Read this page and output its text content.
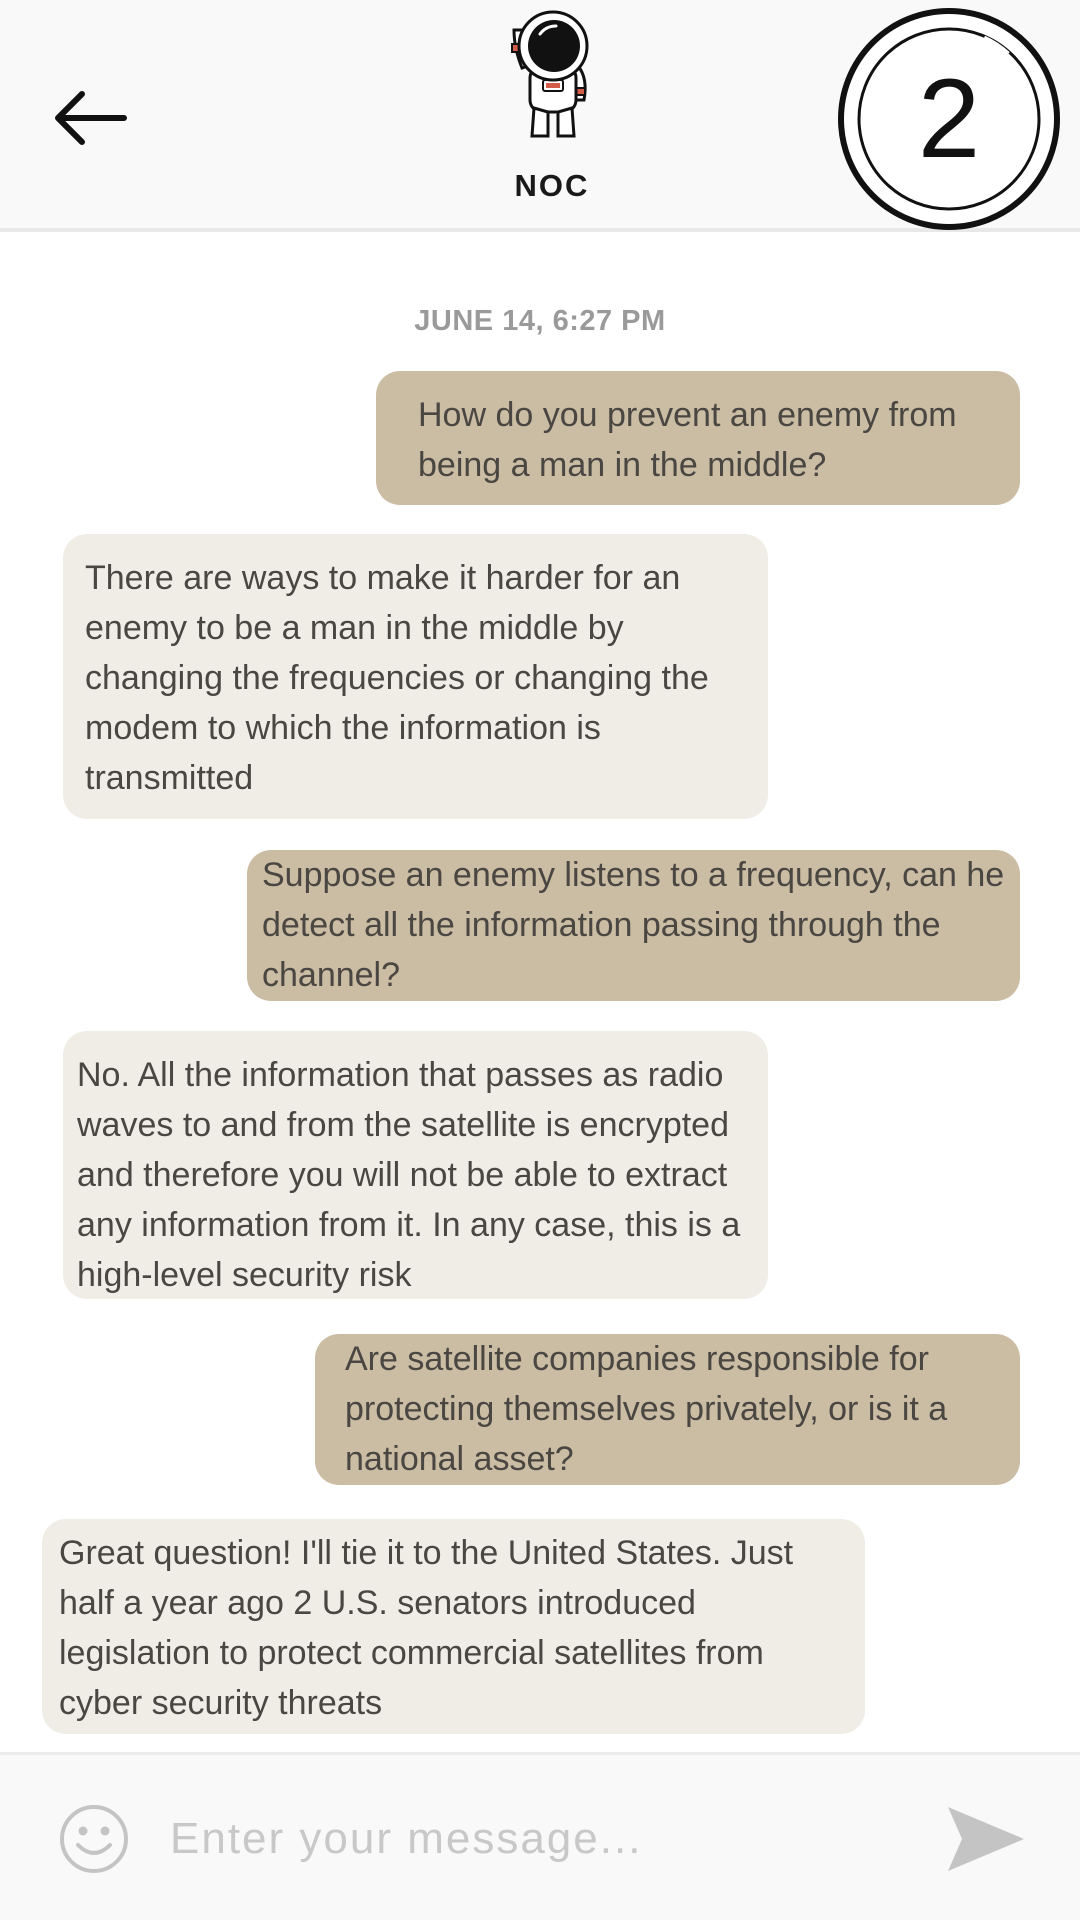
NOC
2
JUNE 14, 6:27 PM
How do you prevent an enemy from being a man in the middle?
There are ways to make it harder for an enemy to be a man in the middle by changing the frequencies or changing the modem to which the information is transmitted
Suppose an enemy listens to a frequency, can he detect all the information passing through the channel?
No. All the information that passes as radio waves to and from the satellite is encrypted and therefore you will not be able to extract any information from it. In any case, this is a high-level security risk
Are satellite companies responsible for protecting themselves privately, or is it a national asset?
Great question! I'll tie it to the United States. Just half a year ago 2 U.S. senators introduced legislation to protect commercial satellites from cyber security threats
Enter your message...
